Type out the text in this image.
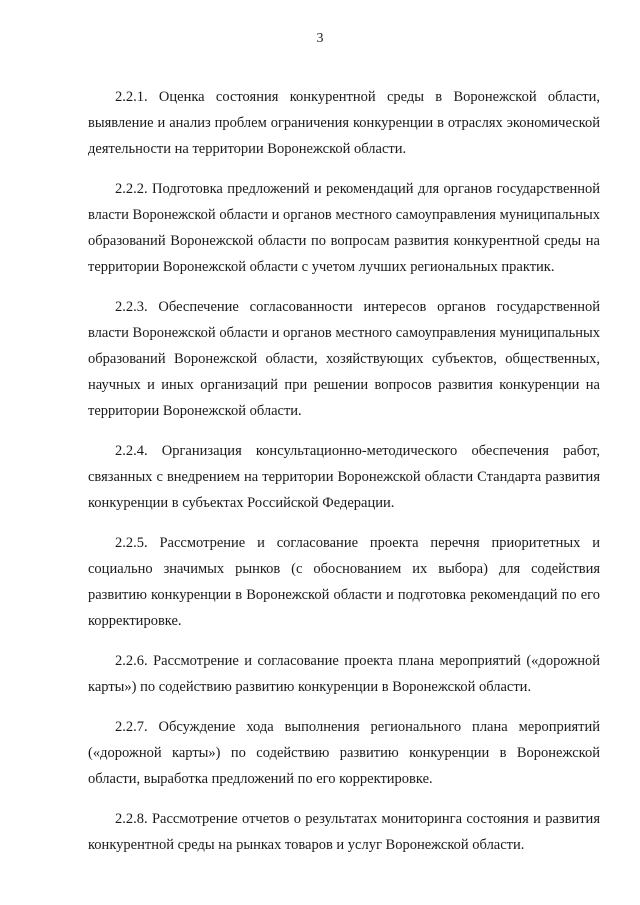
3

2.2.1. Оценка состояния конкурентной среды в Воронежской области, выявление и анализ проблем ограничения конкуренции в отраслях экономической деятельности на территории Воронежской области.

2.2.2. Подготовка предложений и рекомендаций для органов государственной власти Воронежской области и органов местного самоуправления муниципальных образований Воронежской области по вопросам развития конкурентной среды на территории Воронежской области с учетом лучших региональных практик.

2.2.3. Обеспечение согласованности интересов органов государственной власти Воронежской области и органов местного самоуправления муниципальных образований Воронежской области, хозяйствующих субъектов, общественных, научных и иных организаций при решении вопросов развития конкуренции на территории Воронежской области.

2.2.4. Организация консультационно-методического обеспечения работ, связанных с внедрением на территории Воронежской области Стандарта развития конкуренции в субъектах Российской Федерации.

2.2.5. Рассмотрение и согласование проекта перечня приоритетных и социально значимых рынков (с обоснованием их выбора) для содействия развитию конкуренции в Воронежской области и подготовка рекомендаций по его корректировке.

2.2.6. Рассмотрение и согласование проекта плана мероприятий («дорожной карты») по содействию развитию конкуренции в Воронежской области.

2.2.7. Обсуждение хода выполнения регионального плана мероприятий («дорожной карты») по содействию развитию конкуренции в Воронежской области, выработка предложений по его корректировке.

2.2.8. Рассмотрение отчетов о результатах мониторинга состояния и развития конкурентной среды на рынках товаров и услуг Воронежской области.
